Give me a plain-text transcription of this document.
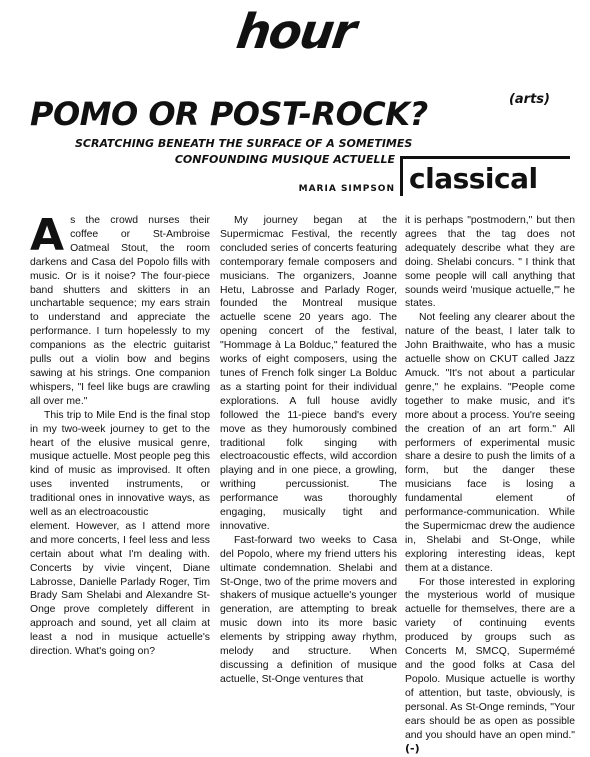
hour
(arts)
POMO OR POST-ROCK?
SCRATCHING BENEATH THE SURFACE OF A SOMETIMES
CONFOUNDING MUSIQUE ACTUELLE
MARIA SIMPSON classical

As the crowd nurses their coffee or St-Ambroise Oatmeal Stout, the room darkens and Casa del Popolo fills with music. Or is it noise? The four-piece band shutters and skitters in an unchartable sequence; my ears strain to understand and appreciate the performance. I turn hopelessly to my companions as the electric guitarist pulls out a violin bow and begins sawing at his strings. One companion whispers, "I feel like bugs are crawling all over me."

This trip to Mile End is the final stop in my two-week journey to get to the heart of the elusive musical genre, musique actuelle. Most people peg this kind of music as improvised. It often uses invented instruments, or traditional ones in innovative ways, as well as an electroacoustic

element. However, as I attend more and more concerts, I feel less and less certain about what I'm dealing with. Concerts by vivie vinçent, Diane Labrosse, Danielle Parlady Roger, Tim Brady Sam Shelabi and Alexandre St-Onge prove completely different in approach and sound, yet all claim at least a nod in musique actuelle's direction. What's going on?

My journey began at the Supermicmac Festival, the recently concluded series of concerts featuring contemporary female composers and musicians. The organizers, Joanne Hetu, Labrosse and Parlady Roger, founded the Montreal musique actuelle scene 20 years ago. The opening concert of the festival, "Hommage à La Bolduc," featured the works of eight composers, using the tunes of French folk singer La Bolduc as a starting point for their individual explorations. A full house avidly followed the 11-piece band's every move as they humorously combined traditional folk singing with electroacoustic effects, wild accordion playing and in one piece, a growling, writhing percussionist. The performance was thoroughly engaging, musically tight and innovative.

Fast-forward two weeks to Casa del Popolo, where my friend utters his ultimate condemnation. Shelabi and St-Onge, two of the prime movers and shakers of musique actuelle's younger generation, are attempting to break music down into its more basic elements by stripping away rhythm, melody and structure. When discussing a definition of musique actuelle, St-Onge ventures that

it is perhaps "postmodern," but then agrees that the tag does not adequately describe what they are doing. Shelabi concurs. " I think that some people will call anything that sounds weird 'musique actuelle,'" he states.

Not feeling any clearer about the nature of the beast, I later talk to John Braithwaite, who has a music actuelle show on CKUT called Jazz Amuck. "It's not about a particular genre," he explains. "People come together to make music, and it's more about a process. You're seeing the creation of an art form." All performers of experimental music share a desire to push the limits of a form, but the danger these musicians face is losing a fundamental element of performance-communication. While the Supermicmac drew the audience in, Shelabi and St-Onge, while exploring interesting ideas, kept them at a distance.

For those interested in exploring the mysterious world of musique actuelle for themselves, there are a variety of continuing events produced by groups such as Concerts M, SMCQ, Supermémé and the good folks at Casa del Popolo. Musique actuelle is worthy of attention, but taste, obviously, is personal. As St-Onge reminds, "Your ears should be as open as possible and you should have an open mind." (-)
